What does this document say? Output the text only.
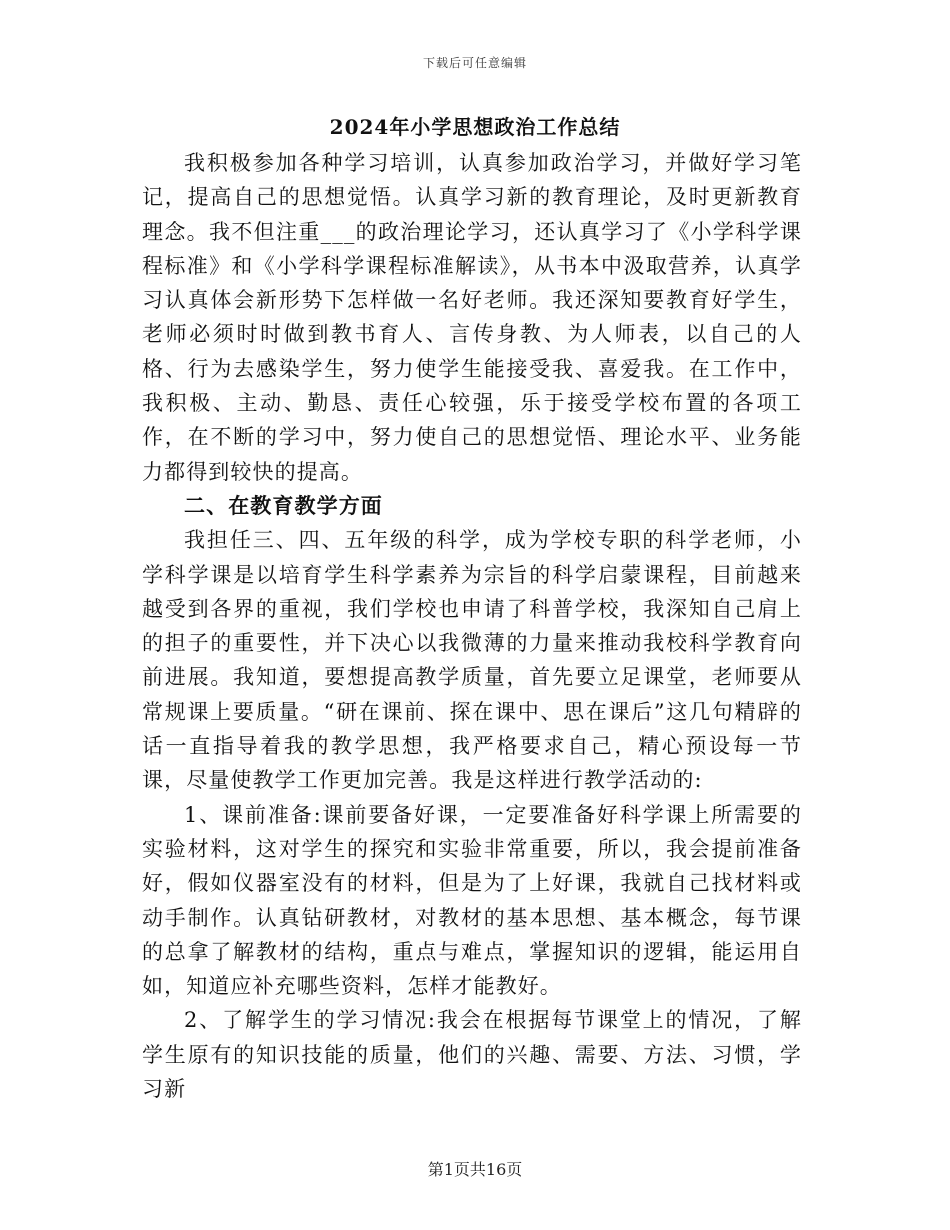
下载后可任意编辑
2024年小学思想政治工作总结

我积极参加各种学习培训，认真参加政治学习，并做好学习笔记，提高自己的思想觉悟。认真学习新的教育理论，及时更新教育理念。我不但注重___的政治理论学习，还认真学习了《小学科学课程标准》和《小学科学课程标准解读》，从书本中汲取营养，认真学习认真体会新形势下怎样做一名好老师。我还深知要教育好学生，老师必须时时做到教书育人、言传身教、为人师表，以自己的人格、行为去感染学生，努力使学生能接受我、喜爱我。在工作中，我积极、主动、勤恳、责任心较强，乐于接受学校布置的各项工作，在不断的学习中，努力使自己的思想觉悟、理论水平、业务能力都得到较快的提高。

二、在教育教学方面

我担任三、四、五年级的科学，成为学校专职的科学老师，小学科学课是以培育学生科学素养为宗旨的科学启蒙课程，目前越来越受到各界的重视，我们学校也申请了科普学校，我深知自己肩上的担子的重要性，并下决心以我微薄的力量来推动我校科学教育向前进展。我知道，要想提高教学质量，首先要立足课堂，老师要从常规课上要质量。“研在课前、探在课中、思在课后”这几句精辟的话一直指导着我的教学思想，我严格要求自己，精心预设每一节课，尽量使教学工作更加完善。我是这样进行教学活动的:

1、课前准备:课前要备好课，一定要准备好科学课上所需要的实验材料，这对学生的探究和实验非常重要，所以，我会提前准备好，假如仪器室没有的材料，但是为了上好课，我就自己找材料或动手制作。认真钻研教材，对教材的基本思想、基本概念，每节课的总拿了解教材的结构，重点与难点，掌握知识的逻辑，能运用自如，知道应补充哪些资料，怎样才能教好。

2、了解学生的学习情况:我会在根据每节课堂上的情况，了解学生原有的知识技能的质量，他们的兴趣、需要、方法、习惯，学习新

第1页共16页
